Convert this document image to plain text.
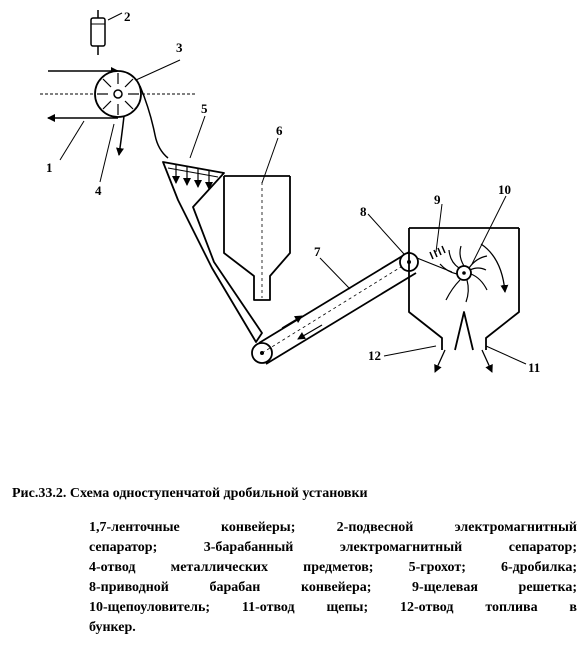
1
2
3
4
5
6
7
8
9
10
11
12
Рис.33.2. Схема одноступенчатой дробильной установки
1,7-ленточные конвейеры; 2-подвесной электромагнитный
сепаратор; 3-барабанный электромагнитный сепаратор;
4-отвод металлических предметов; 5-грохот; 6-дробилка;
8-приводной барабан конвейера; 9-щелевая решетка;
10-щепоуловитель; 11-отвод щепы; 12-отвод топлива в
бункер.
